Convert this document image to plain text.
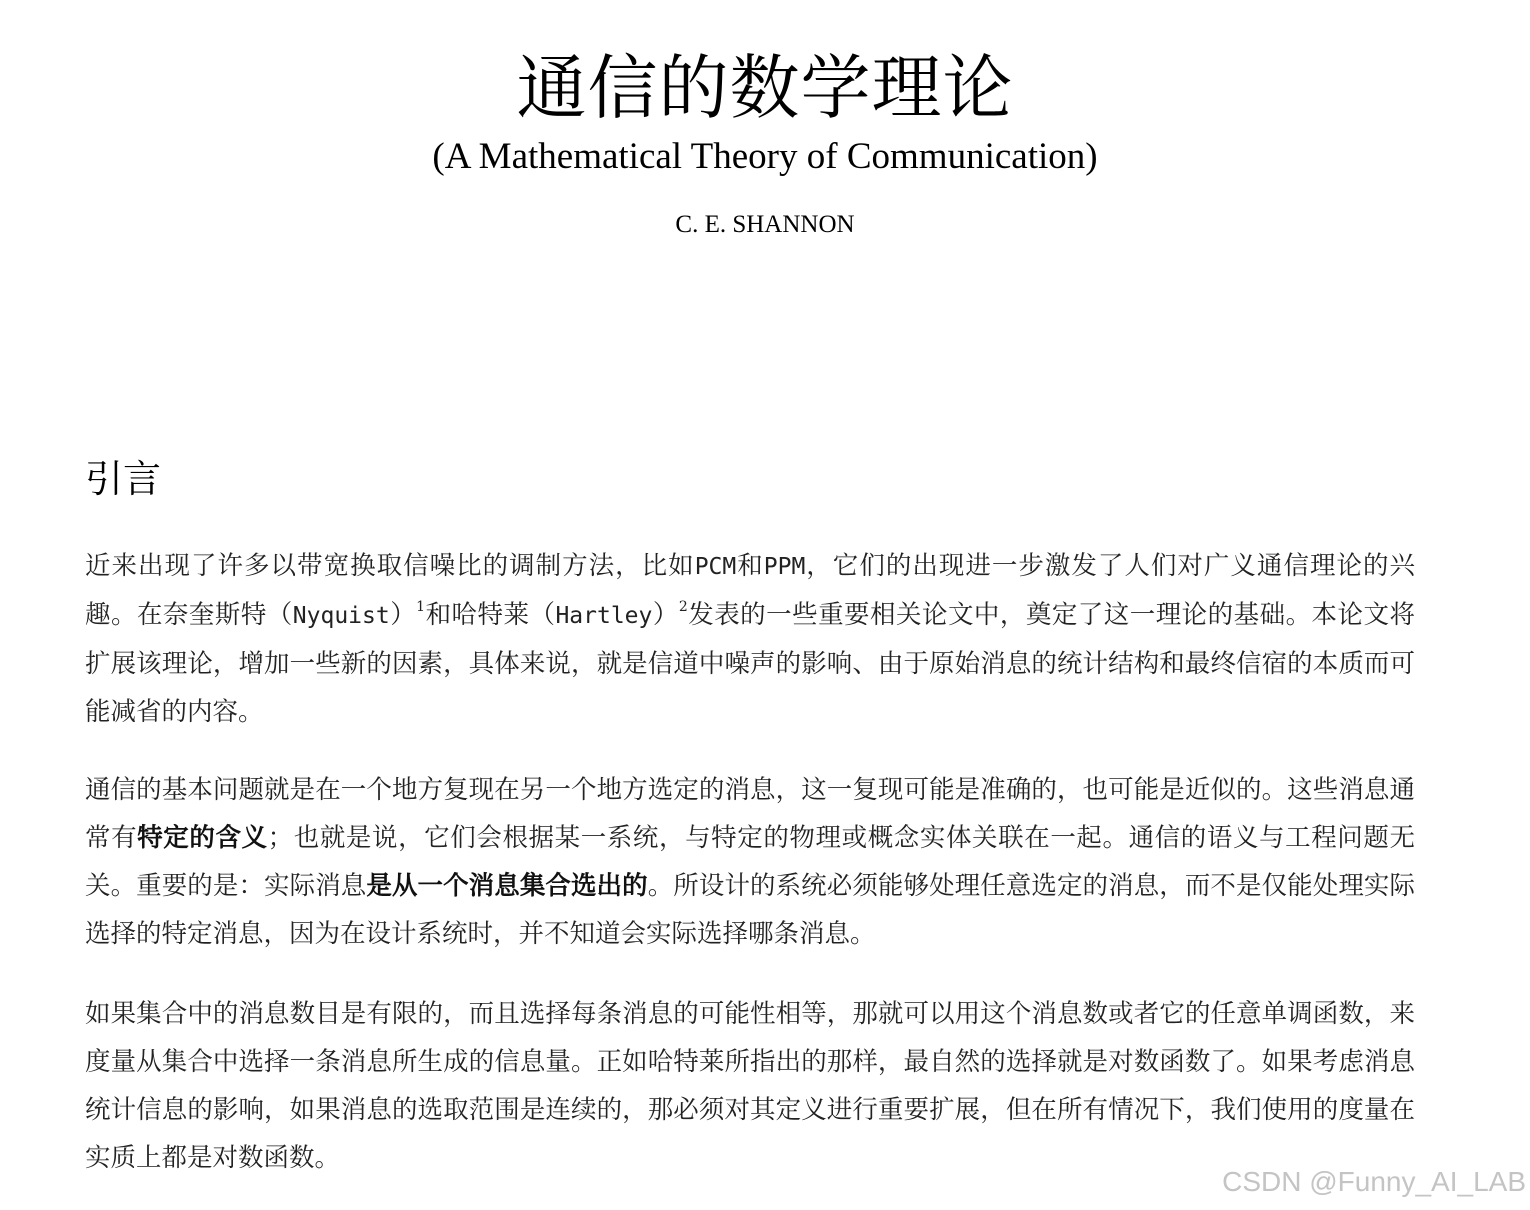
通信的数学理论
(A Mathematical Theory of Communication)
C. E. SHANNON
引言

近来出现了许多以带宽换取信噪比的调制方法，比如PCM和PPM，它们的出现进一步激发了人们对广义通信理论的兴趣。在奈奎斯特（Nyquist）$^1$和哈特莱（Hartley）$^2$发表的一些重要相关论文中，奠定了这一理论的基础。本论文将扩展该理论，增加一些新的因素，具体来说，就是信道中噪声的影响、由于原始消息的统计结构和最终信宿的本质而可能减省的内容。

通信的基本问题就是在一个地方复现在另一个地方选定的消息，这一复现可能是准确的，也可能是近似的。这些消息通常有特定的含义；也就是说，它们会根据某一系统，与特定的物理或概念实体关联在一起。通信的语义与工程问题无关。重要的是：实际消息是从一个消息集合选出的。所设计的系统必须能够处理任意选定的消息，而不是仅能处理实际选择的特定消息，因为在设计系统时，并不知道会实际选择哪条消息。

如果集合中的消息数目是有限的，而且选择每条消息的可能性相等，那就可以用这个消息数或者它的任意单调函数，来度量从集合中选择一条消息所生成的信息量。正如哈特莱所指出的那样，最自然的选择就是对数函数了。如果考虑消息统计信息的影响，如果消息的选取范围是连续的，那必须对其定义进行重要扩展，但在所有情况下，我们使用的度量在实质上都是对数函数。

CSDN @Funny_AI_LAB
